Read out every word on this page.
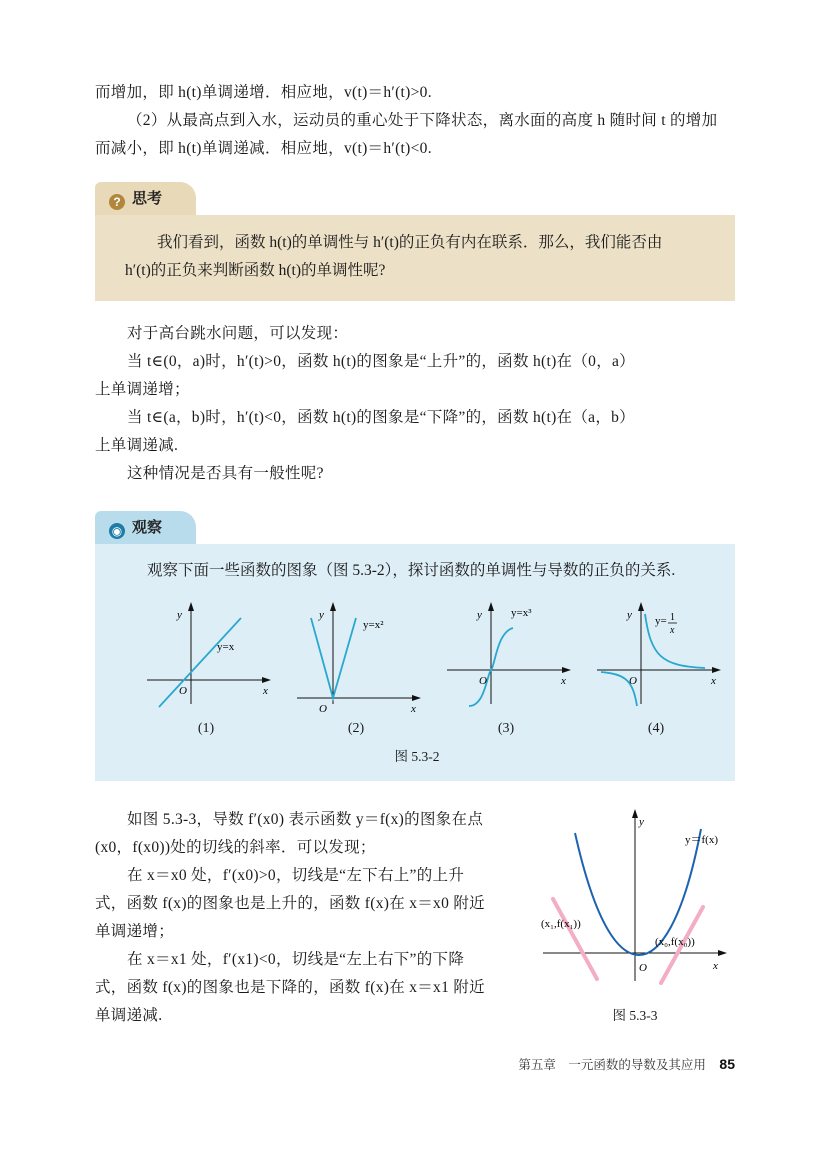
而增加，即 h(t)单调递增．相应地，v(t)＝h′(t)>0.

（2）从最高点到入水，运动员的重心处于下降状态，离水面的高度 h 随时间 t 的增加

而减小，即 h(t)单调递减．相应地，v(t)＝h′(t)<0.

? 思考
我们看到，函数 h(t)的单调性与 h′(t)的正负有内在联系．那么，我们能否由
h′(t)的正负来判断函数 h(t)的单调性呢?

对于高台跳水问题，可以发现：

当 t∈(0，a)时，h′(t)>0，函数 h(t)的图象是“上升”的，函数 h(t)在（0，a）

上单调递增；

当 t∈(a，b)时，h′(t)<0，函数 h(t)的图象是“下降”的，函数 h(t)在（a，b）

上单调递减.

这种情况是否具有一般性呢?

◉ 观察

观察下面一些函数的图象（图 5.3-2），探讨函数的单调性与导数的正负的关系.

y
x
O
y=x
(1)
y
x
O
y=x²
(2)
y
x
O
y=x³
(3)
y
x
O
y= 1
x
(4)
图 5.3-2
y
x
O
y＝f(x)
(x₁,f(x₁))
(x₀,f(x₀))
图 5.3-3

如图 5.3-3，导数 f′(x0) 表示函数 y＝f(x)的图象在点

(x0，f(x0))处的切线的斜率．可以发现；

在 x＝x0 处，f′(x0)>0，切线是“左下右上”的上升

式，函数 f(x)的图象也是上升的，函数 f(x)在 x＝x0 附近

单调递增；

在 x＝x1 处，f′(x1)<0，切线是“左上右下”的下降

式，函数 f(x)的图象也是下降的，函数 f(x)在 x＝x1 附近

单调递减.

第五章　一元函数的导数及其应用 85
